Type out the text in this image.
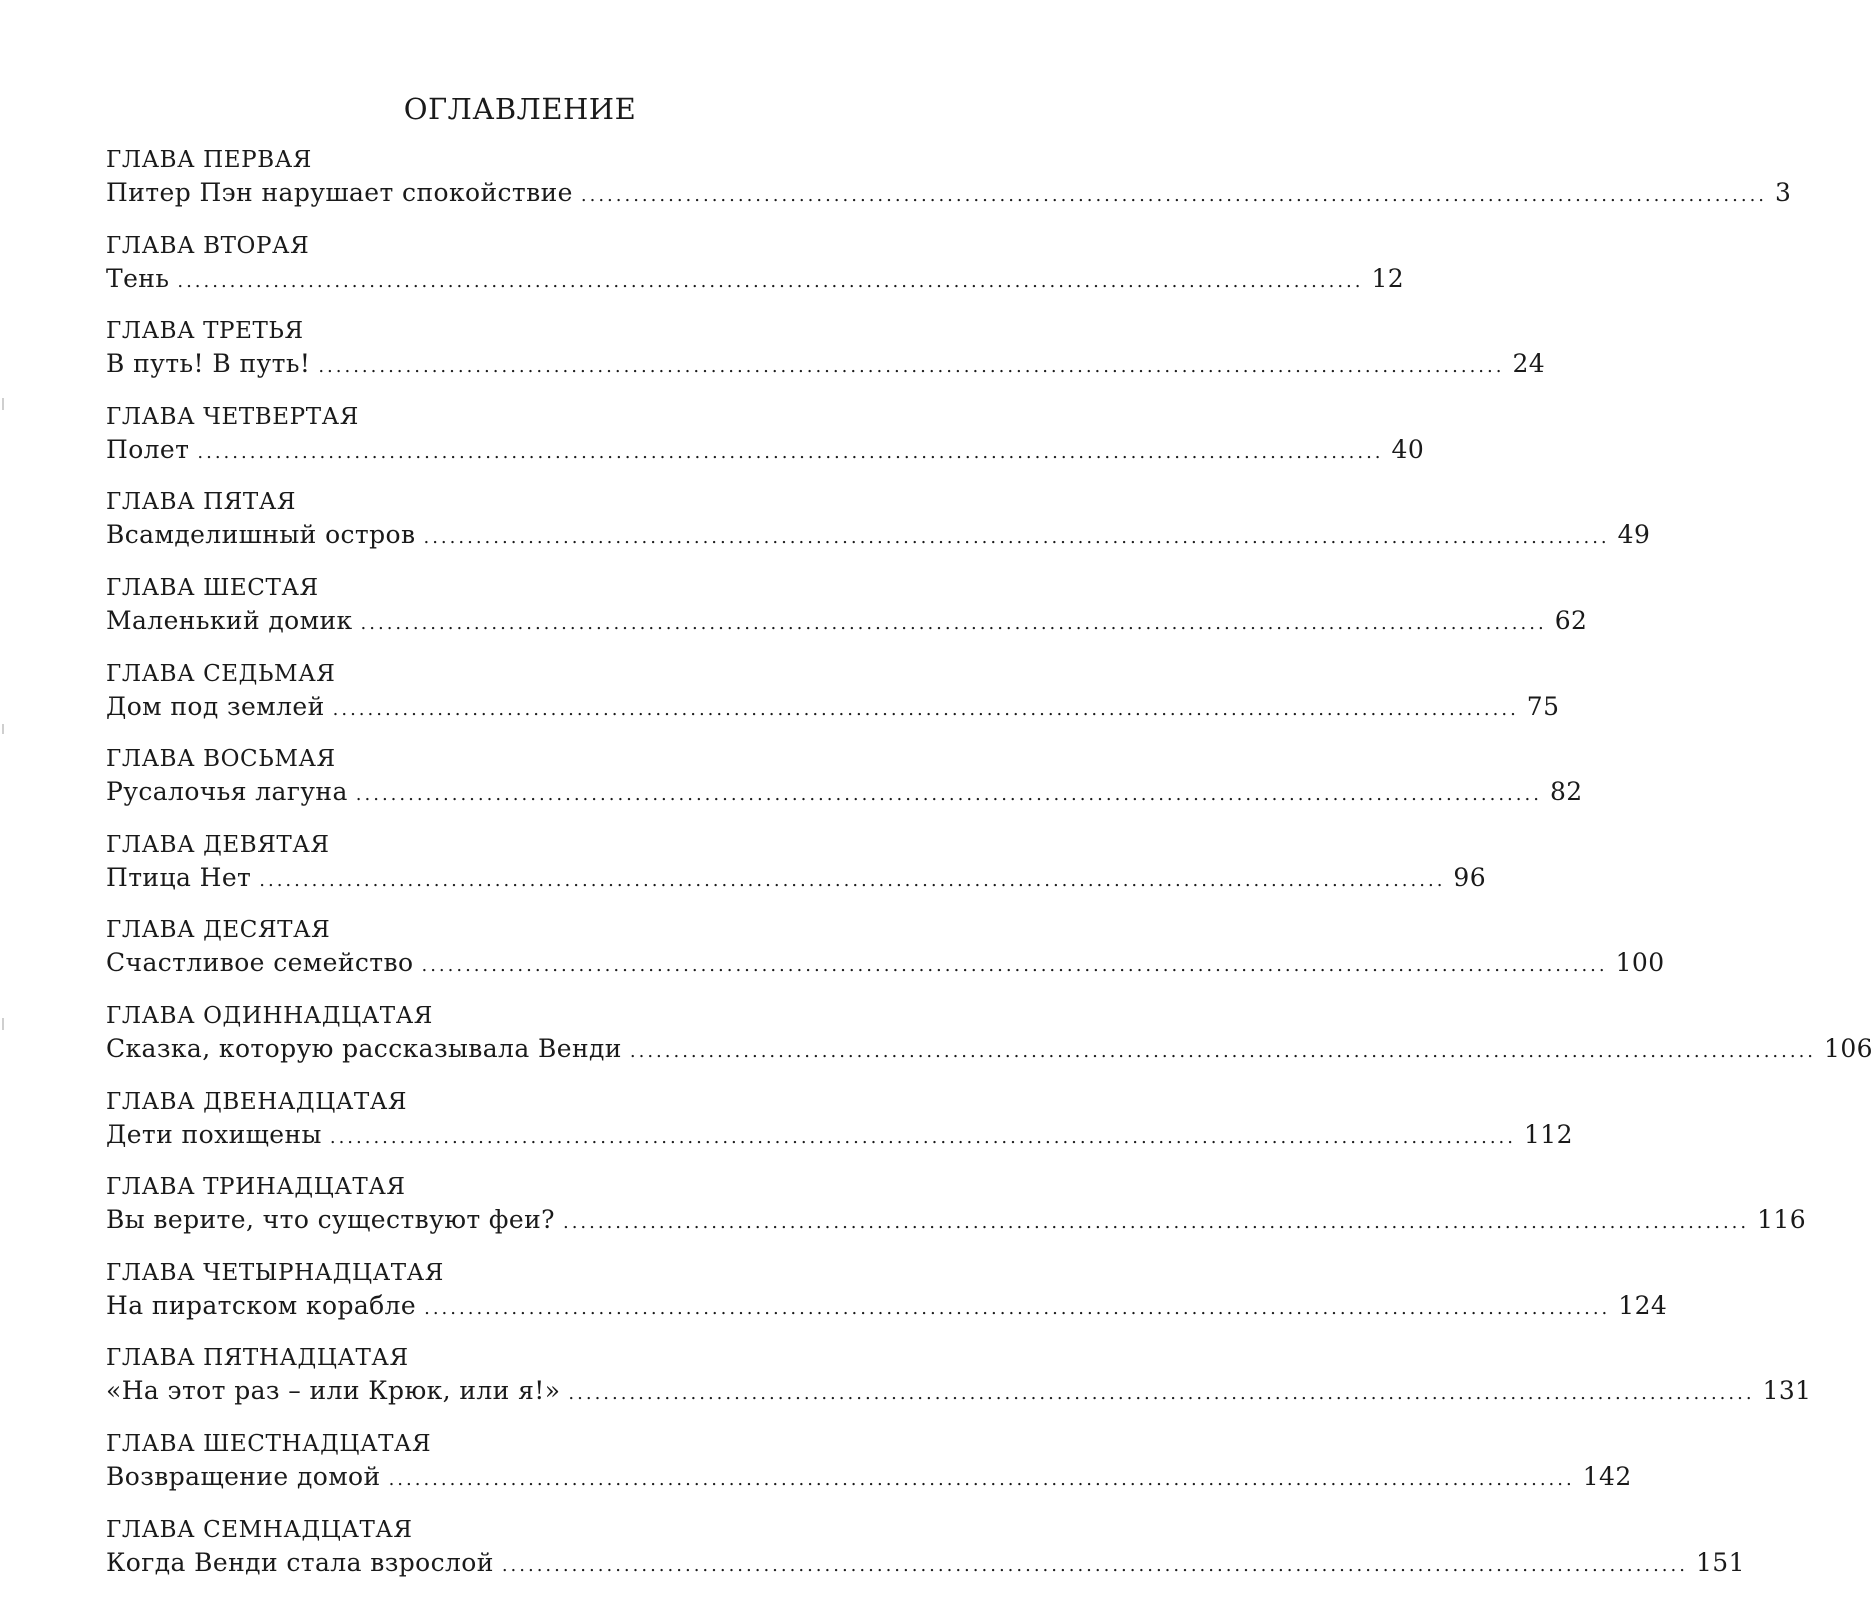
ОГЛАВЛЕНИЕ
ГЛАВА ПЕРВАЯ
Питер Пэн нарушает спокойствие ........................................................................................................................................ 3
ГЛАВА ВТОРАЯ
Тень ........................................................................................................................................ 12
ГЛАВА ТРЕТЬЯ
В путь! В путь! ........................................................................................................................................ 24
ГЛАВА ЧЕТВЕРТАЯ
Полет ........................................................................................................................................ 40
ГЛАВА ПЯТАЯ
Всамделишный остров ........................................................................................................................................ 49
ГЛАВА ШЕСТАЯ
Маленький домик ........................................................................................................................................ 62
ГЛАВА СЕДЬМАЯ
Дом под землей ........................................................................................................................................ 75
ГЛАВА ВОСЬМАЯ
Русалочья лагуна ........................................................................................................................................ 82
ГЛАВА ДЕВЯТАЯ
Птица Нет ........................................................................................................................................ 96
ГЛАВА ДЕСЯТАЯ
Счастливое семейство ........................................................................................................................................ 100
ГЛАВА ОДИННАДЦАТАЯ
Сказка, которую рассказывала Венди ........................................................................................................................................ 106
ГЛАВА ДВЕНАДЦАТАЯ
Дети похищены ........................................................................................................................................ 112
ГЛАВА ТРИНАДЦАТАЯ
Вы верите, что существуют феи? ........................................................................................................................................ 116
ГЛАВА ЧЕТЫРНАДЦАТАЯ
На пиратском корабле ........................................................................................................................................ 124
ГЛАВА ПЯТНАДЦАТАЯ
«На этот раз – или Крюк, или я!» ........................................................................................................................................ 131
ГЛАВА ШЕСТНАДЦАТАЯ
Возвращение домой ........................................................................................................................................ 142
ГЛАВА СЕМНАДЦАТАЯ
Когда Венди стала взрослой ........................................................................................................................................ 151
